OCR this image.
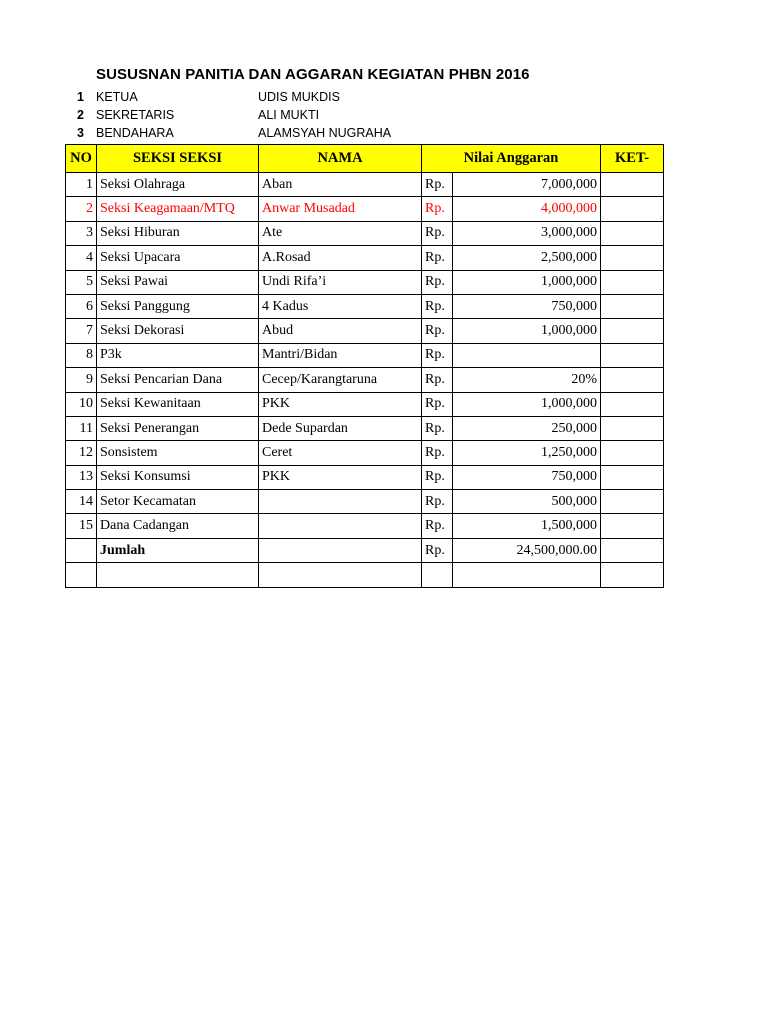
SUSUSNAN PANITIA DAN AGGARAN KEGIATAN PHBN 2016
1 KETUA	UDIS MUKDIS
2 SEKRETARIS	ALI MUKTI
3 BENDAHARA	ALAMSYAH NUGRAHA
NO	SEKSI SEKSI	NAMA	Nilai Anggaran		KET-
1	Seksi Olahraga	Aban	Rp.	7,000,000	
2	Seksi Keagamaan/MTQ	Anwar Musadad	Rp.	4,000,000	
3	Seksi Hiburan	Ate	Rp.	3,000,000	
4	Seksi Upacara	A.Rosad	Rp.	2,500,000	
5	Seksi Pawai	Undi Rifa’i	Rp.	1,000,000	
6	Seksi Panggung	4 Kadus	Rp.	750,000	
7	Seksi Dekorasi	Abud	Rp.	1,000,000	
8	P3k	Mantri/Bidan	Rp.		
9	Seksi Pencarian Dana	Cecep/Karangtaruna	Rp.	20%	
10	Seksi Kewanitaan	PKK	Rp.	1,000,000	
11	Seksi Penerangan	Dede Supardan	Rp.	250,000	
12	Sonsistem	Ceret	Rp.	1,250,000	
13	Seksi Konsumsi	PKK	Rp.	750,000	
14	Setor Kecamatan		Rp.	500,000	
15	Dana Cadangan		Rp.	1,500,000	
	Jumlah		Rp.	24,500,000.00	
